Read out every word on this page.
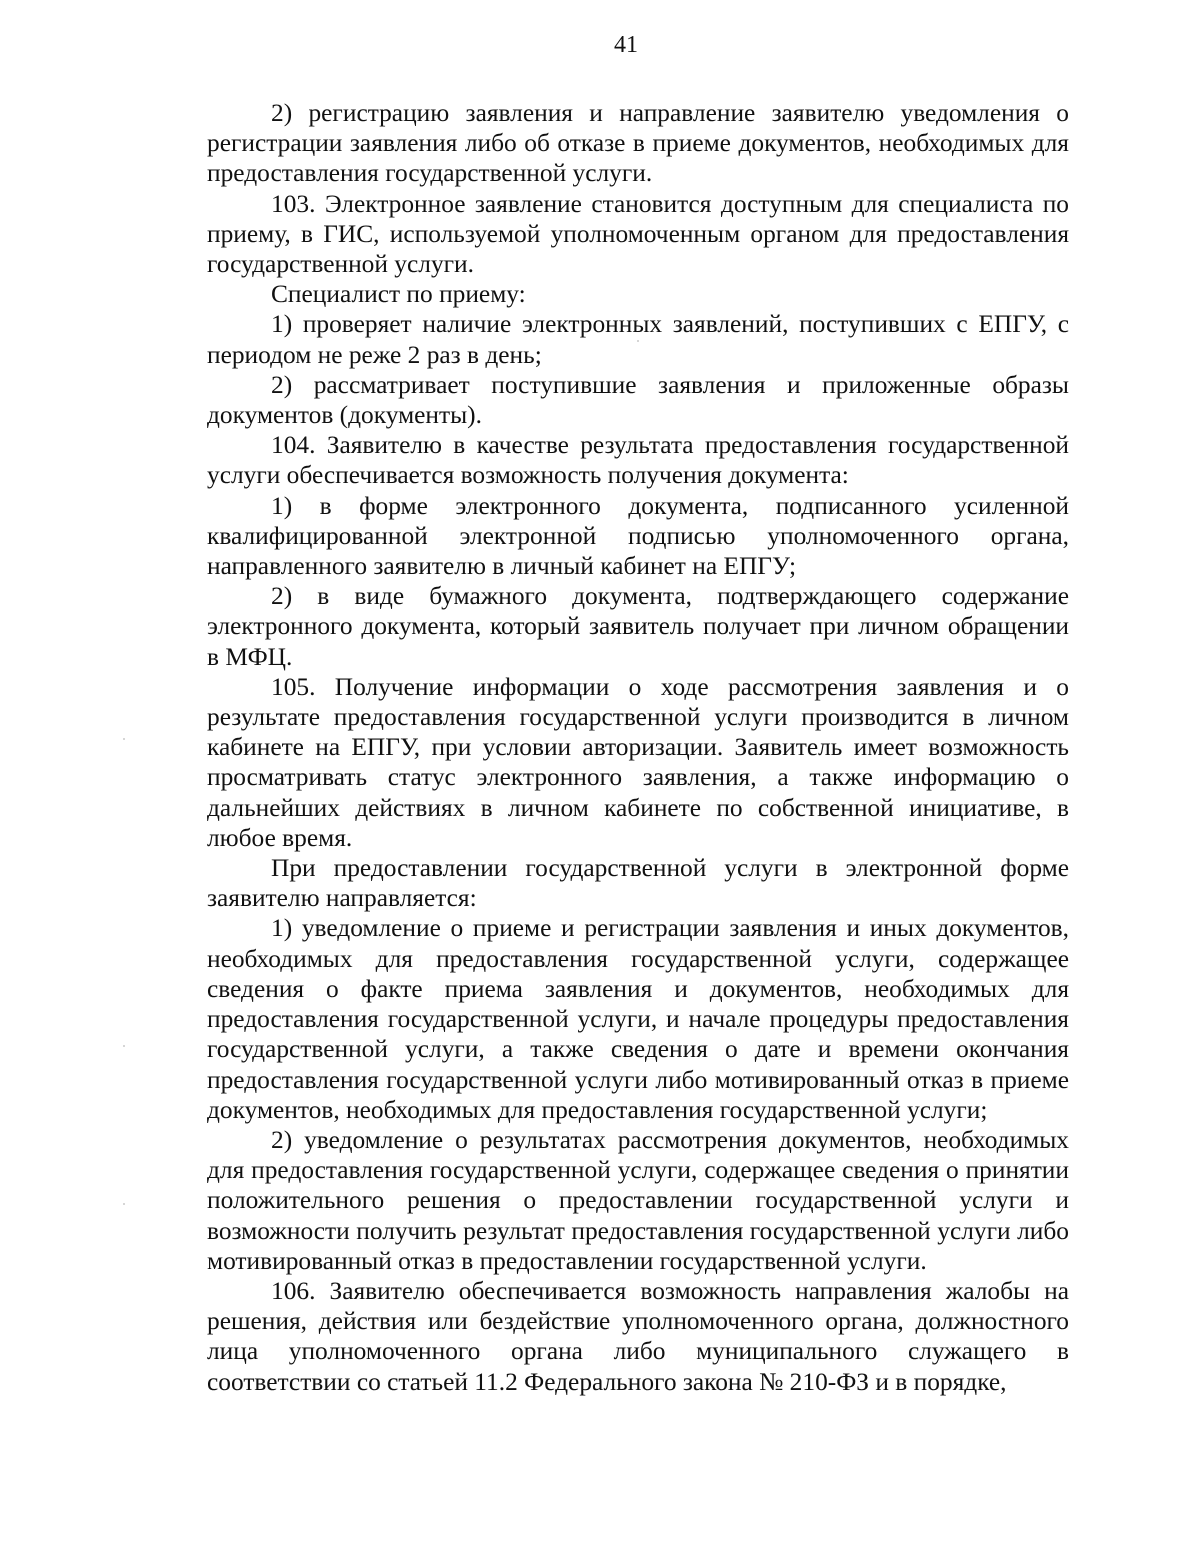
41

2) регистрацию заявления и направление заявителю уведомления о регистрации заявления либо об отказе в приеме документов, необходимых для предоставления государственной услуги.

103. Электронное заявление становится доступным для специалиста по приему, в ГИС, используемой уполномоченным органом для предоставления государственной услуги.

Специалист по приему:

1) проверяет наличие электронных заявлений, поступивших с ЕПГУ, с периодом не реже 2 раз в день;

2) рассматривает поступившие заявления и приложенные образы документов (документы).

104. Заявителю в качестве результата предоставления государственной услуги обеспечивается возможность получения документа:

1) в форме электронного документа, подписанного усиленной квалифицированной электронной подписью уполномоченного органа, направленного заявителю в личный кабинет на ЕПГУ;

2) в виде бумажного документа, подтверждающего содержание электронного документа, который заявитель получает при личном обращении в МФЦ.

105. Получение информации о ходе рассмотрения заявления и о результате предоставления государственной услуги производится в личном кабинете на ЕПГУ, при условии авторизации. Заявитель имеет возможность просматривать статус электронного заявления, а также информацию о дальнейших действиях в личном кабинете по собственной инициативе, в любое время.

При предоставлении государственной услуги в электронной форме заявителю направляется:

1) уведомление о приеме и регистрации заявления и иных документов, необходимых для предоставления государственной услуги, содержащее сведения о факте приема заявления и документов, необходимых для предоставления государственной услуги, и начале процедуры предоставления государственной услуги, а также сведения о дате и времени окончания предоставления государственной услуги либо мотивированный отказ в приеме документов, необходимых для предоставления государственной услуги;

2) уведомление о результатах рассмотрения документов, необходимых для предоставления государственной услуги, содержащее сведения о принятии положительного решения о предоставлении государственной услуги и возможности получить результат предоставления государственной услуги либо мотивированный отказ в предоставлении государственной услуги.

106. Заявителю обеспечивается возможность направления жалобы на решения, действия или бездействие уполномоченного органа, должностного лица уполномоченного органа либо муниципального служащего в соответствии со статьей 11.2 Федерального закона № 210-ФЗ и в порядке,
